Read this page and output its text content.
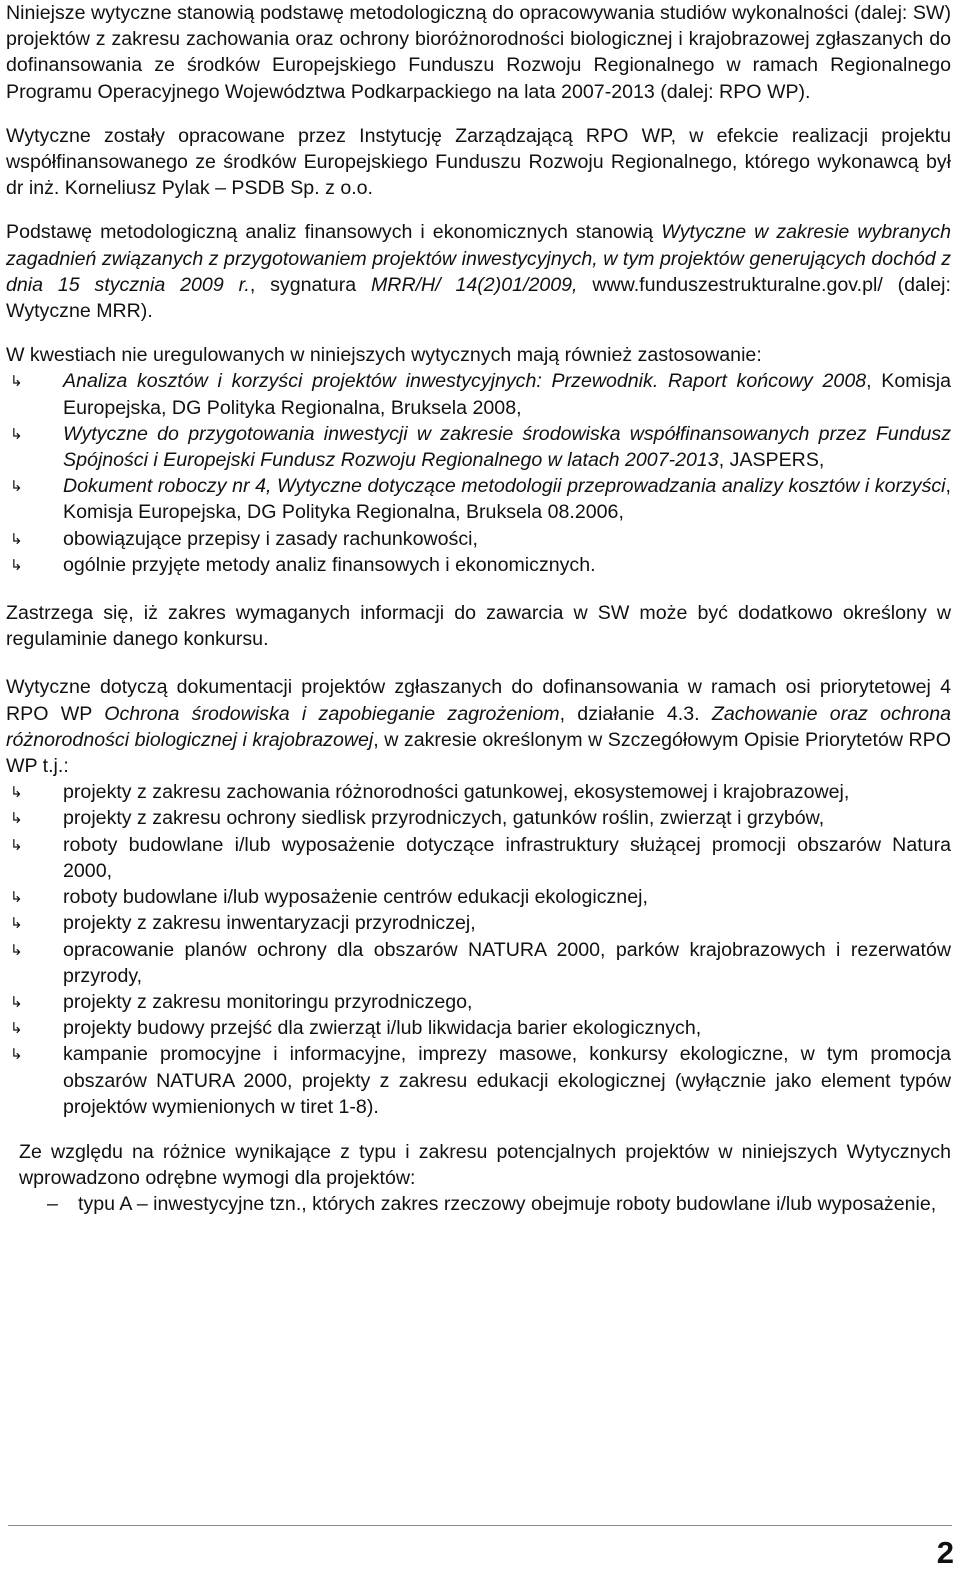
Niniejsze wytyczne stanowią podstawę metodologiczną do opracowywania studiów wykonalności (dalej: SW) projektów z zakresu zachowania oraz ochrony bioróżnorodności biologicznej i krajobrazowej zgłaszanych do dofinansowania ze środków Europejskiego Funduszu Rozwoju Regionalnego w ramach Regionalnego Programu Operacyjnego Województwa Podkarpackiego na lata 2007-2013 (dalej: RPO WP).

Wytyczne zostały opracowane przez Instytucję Zarządzającą RPO WP, w efekcie realizacji projektu współfinansowanego ze środków Europejskiego Funduszu Rozwoju Regionalnego, którego wykonawcą był dr inż. Korneliusz Pylak – PSDB Sp. z o.o.

Podstawę metodologiczną analiz finansowych i ekonomicznych stanowią Wytyczne w zakresie wybranych zagadnień związanych z przygotowaniem projektów inwestycyjnych, w tym projektów generujących dochód z dnia 15 stycznia 2009 r., sygnatura MRR/H/ 14(2)01/2009, www.funduszestrukturalne.gov.pl/ (dalej: Wytyczne MRR).

W kwestiach nie uregulowanych w niniejszych wytycznych mają również zastosowanie:

↳	Analiza kosztów i korzyści projektów inwestycyjnych: Przewodnik. Raport końcowy 2008, Komisja Europejska, DG Polityka Regionalna, Bruksela 2008,
↳	Wytyczne do przygotowania inwestycji w zakresie środowiska współfinansowanych przez Fundusz Spójności i Europejski Fundusz Rozwoju Regionalnego w latach 2007-2013, JASPERS,
↳	Dokument roboczy nr 4, Wytyczne dotyczące metodologii przeprowadzania analizy kosztów i korzyści, Komisja Europejska, DG Polityka Regionalna, Bruksela 08.2006,
↳	obowiązujące przepisy i zasady rachunkowości,
↳	ogólnie przyjęte metody analiz finansowych i ekonomicznych.

Zastrzega się, iż zakres wymaganych informacji do zawarcia w SW może być dodatkowo określony w regulaminie danego konkursu.

Wytyczne dotyczą dokumentacji projektów zgłaszanych do dofinansowania w ramach osi priorytetowej 4 RPO WP Ochrona środowiska i zapobieganie zagrożeniom, działanie 4.3. Zachowanie oraz ochrona różnorodności biologicznej i krajobrazowej, w zakresie określonym w Szczegółowym Opisie Priorytetów RPO WP t.j.:

↳	projekty z zakresu zachowania różnorodności gatunkowej, ekosystemowej i krajobrazowej,
↳	projekty z zakresu ochrony siedlisk przyrodniczych, gatunków roślin, zwierząt i grzybów,
↳	roboty budowlane i/lub wyposażenie dotyczące infrastruktury służącej promocji obszarów Natura 2000,
↳	roboty budowlane i/lub wyposażenie centrów edukacji ekologicznej,
↳	projekty z zakresu inwentaryzacji przyrodniczej,
↳	opracowanie planów ochrony dla obszarów NATURA 2000, parków krajobrazowych i rezerwatów przyrody,
↳	projekty z zakresu monitoringu przyrodniczego,
↳	projekty budowy przejść dla zwierząt i/lub likwidacja barier ekologicznych,
↳	kampanie promocyjne i informacyjne, imprezy masowe, konkursy ekologiczne, w tym promocja obszarów NATURA 2000, projekty z zakresu edukacji ekologicznej (wyłącznie jako element typów projektów wymienionych w tiret 1-8).

Ze względu na różnice wynikające z typu i zakresu potencjalnych projektów w niniejszych Wytycznych wprowadzono odrębne wymogi dla projektów:

– typu A – inwestycyjne tzn., których zakres rzeczowy obejmuje roboty budowlane i/lub wyposażenie,
2
